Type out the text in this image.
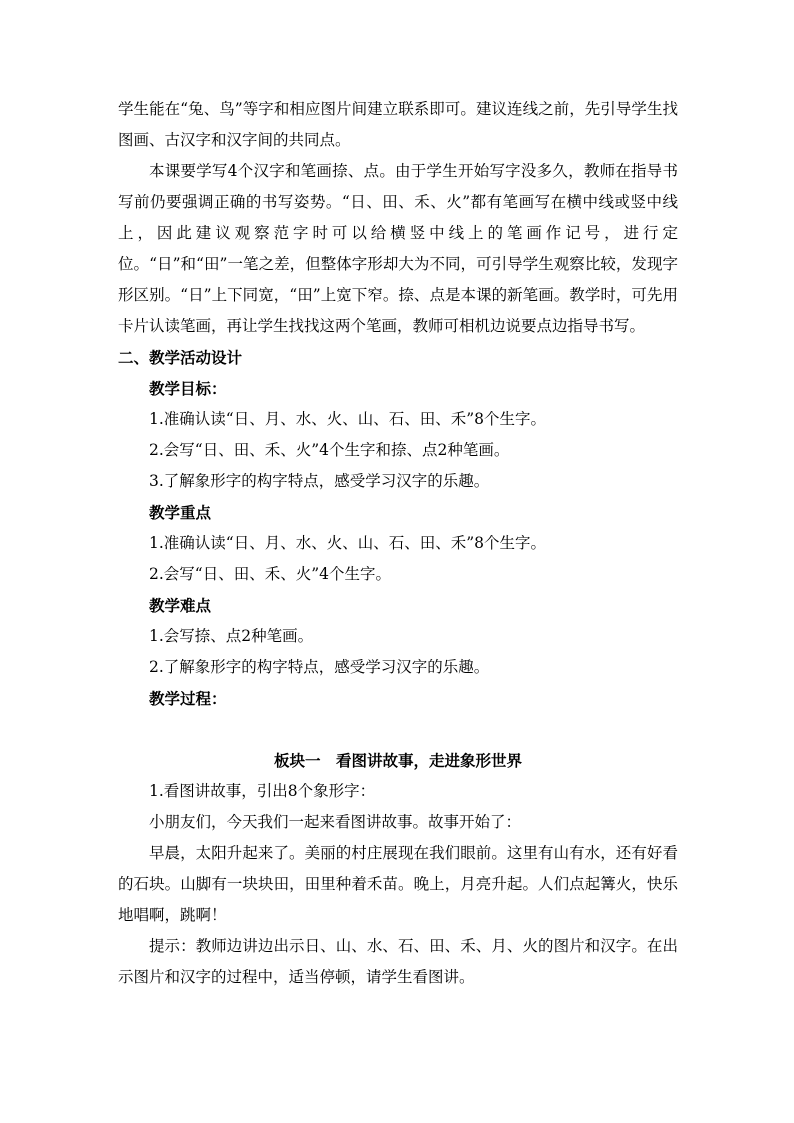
学生能在“兔、鸟”等字和相应图片间建立联系即可。建议连线之前，先引导学生找图画、古汉字和汉字间的共同点。

本课要学写4个汉字和笔画捺、点。由于学生开始写字没多久，教师在指导书写前仍要强调正确的书写姿势。“日、田、禾、火”都有笔画写在横中线或竖中线上，因此建议观察范字时可以给横竖中线上的笔画作记号，进行定位。“日”和“田”一笔之差，但整体字形却大为不同，可引导学生观察比较，发现字形区别。“日”上下同宽，“田”上宽下窄。捺、点是本课的新笔画。教学时，可先用卡片认读笔画，再让学生找找这两个笔画，教师可相机边说要点边指导书写。

二、教学活动设计

教学目标：

1.准确认读“日、月、水、火、山、石、田、禾”8个生字。

2.会写“日、田、禾、火”4个生字和捺、点2种笔画。

3.了解象形字的构字特点，感受学习汉字的乐趣。

教学重点

1.准确认读“日、月、水、火、山、石、田、禾”8个生字。

2.会写“日、田、禾、火”4个生字。

教学难点

1.会写捺、点2种笔画。

2.了解象形字的构字特点，感受学习汉字的乐趣。

教学过程：

板块一　看图讲故事，走进象形世界

1.看图讲故事，引出8个象形字：

小朋友们，今天我们一起来看图讲故事。故事开始了：

早晨，太阳升起来了。美丽的村庄展现在我们眼前。这里有山有水，还有好看的石块。山脚有一块块田，田里种着禾苗。晚上，月亮升起。人们点起篝火，快乐地唱啊，跳啊！

提示：教师边讲边出示日、山、水、石、田、禾、月、火的图片和汉字。在出示图片和汉字的过程中，适当停顿，请学生看图讲。
